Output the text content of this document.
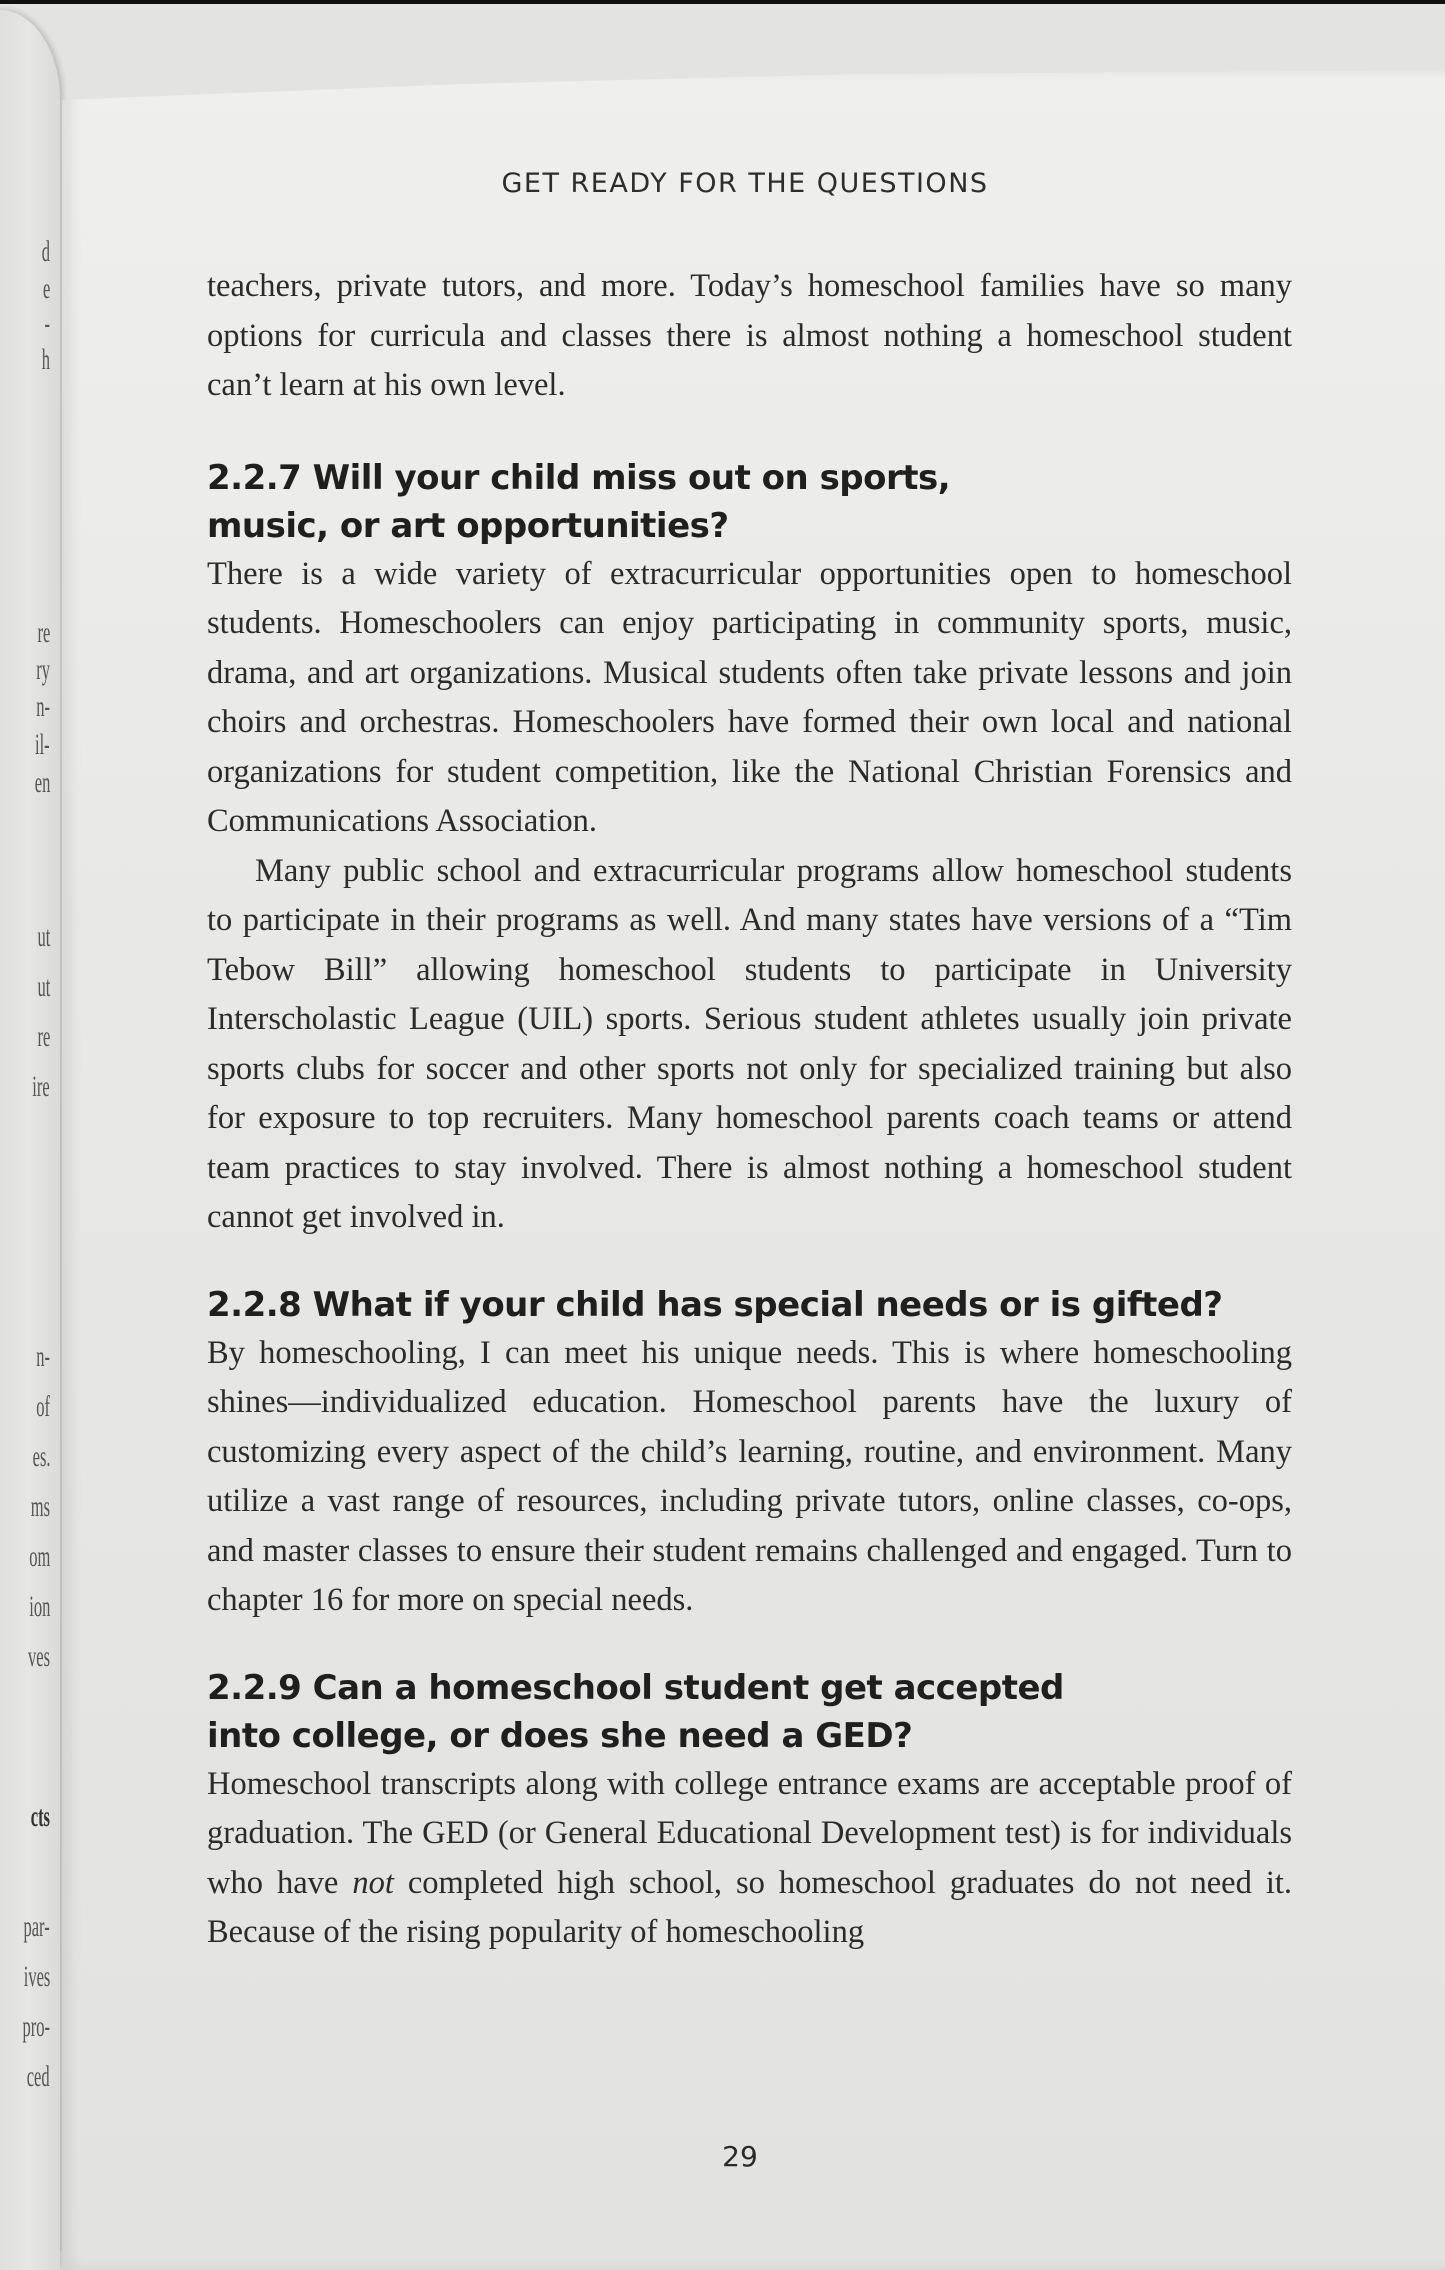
d
e
-
h
re
ry
n-
il-
en
ut
ut
re
ire
n-
of
es.
ms
om
ion
ves
cts
par-
ives
pro-
ced
GET READY FOR THE QUESTIONS

teachers, private tutors, and more. Today’s homeschool families have so many options for curricula and classes there is almost nothing a homeschool student can’t learn at his own level.

2.2.7 Will your child miss out on sports,
music, or art opportunities?

There is a wide variety of extracurricular opportunities open to homeschool students. Homeschoolers can enjoy participating in community sports, music, drama, and art organizations. Musical students often take private lessons and join choirs and orchestras. Homeschoolers have formed their own local and national organizations for student competition, like the National Christian Forensics and Communications Association.

Many public school and extracurricular programs allow homeschool students to participate in their programs as well. And many states have versions of a “Tim Tebow Bill” allowing homeschool students to participate in University Interscholastic League (UIL) sports. Serious student athletes usually join private sports clubs for soccer and other sports not only for specialized training but also for exposure to top recruiters. Many homeschool parents coach teams or attend team practices to stay involved. There is almost nothing a homeschool student cannot get involved in.

2.2.8 What if your child has special needs or is gifted?

By homeschooling, I can meet his unique needs. This is where homeschooling shines—individualized education. Homeschool parents have the luxury of customizing every aspect of the child’s learning, routine, and environment. Many utilize a vast range of resources, including private tutors, online classes, co-ops, and master classes to ensure their student remains challenged and engaged. Turn to chapter 16 for more on special needs.

2.2.9 Can a homeschool student get accepted
into college, or does she need a GED?

Homeschool transcripts along with college entrance exams are acceptable proof of graduation. The GED (or General Educational Development test) is for individuals who have not completed high school, so homeschool graduates do not need it. Because of the rising popularity of homeschooling

29
